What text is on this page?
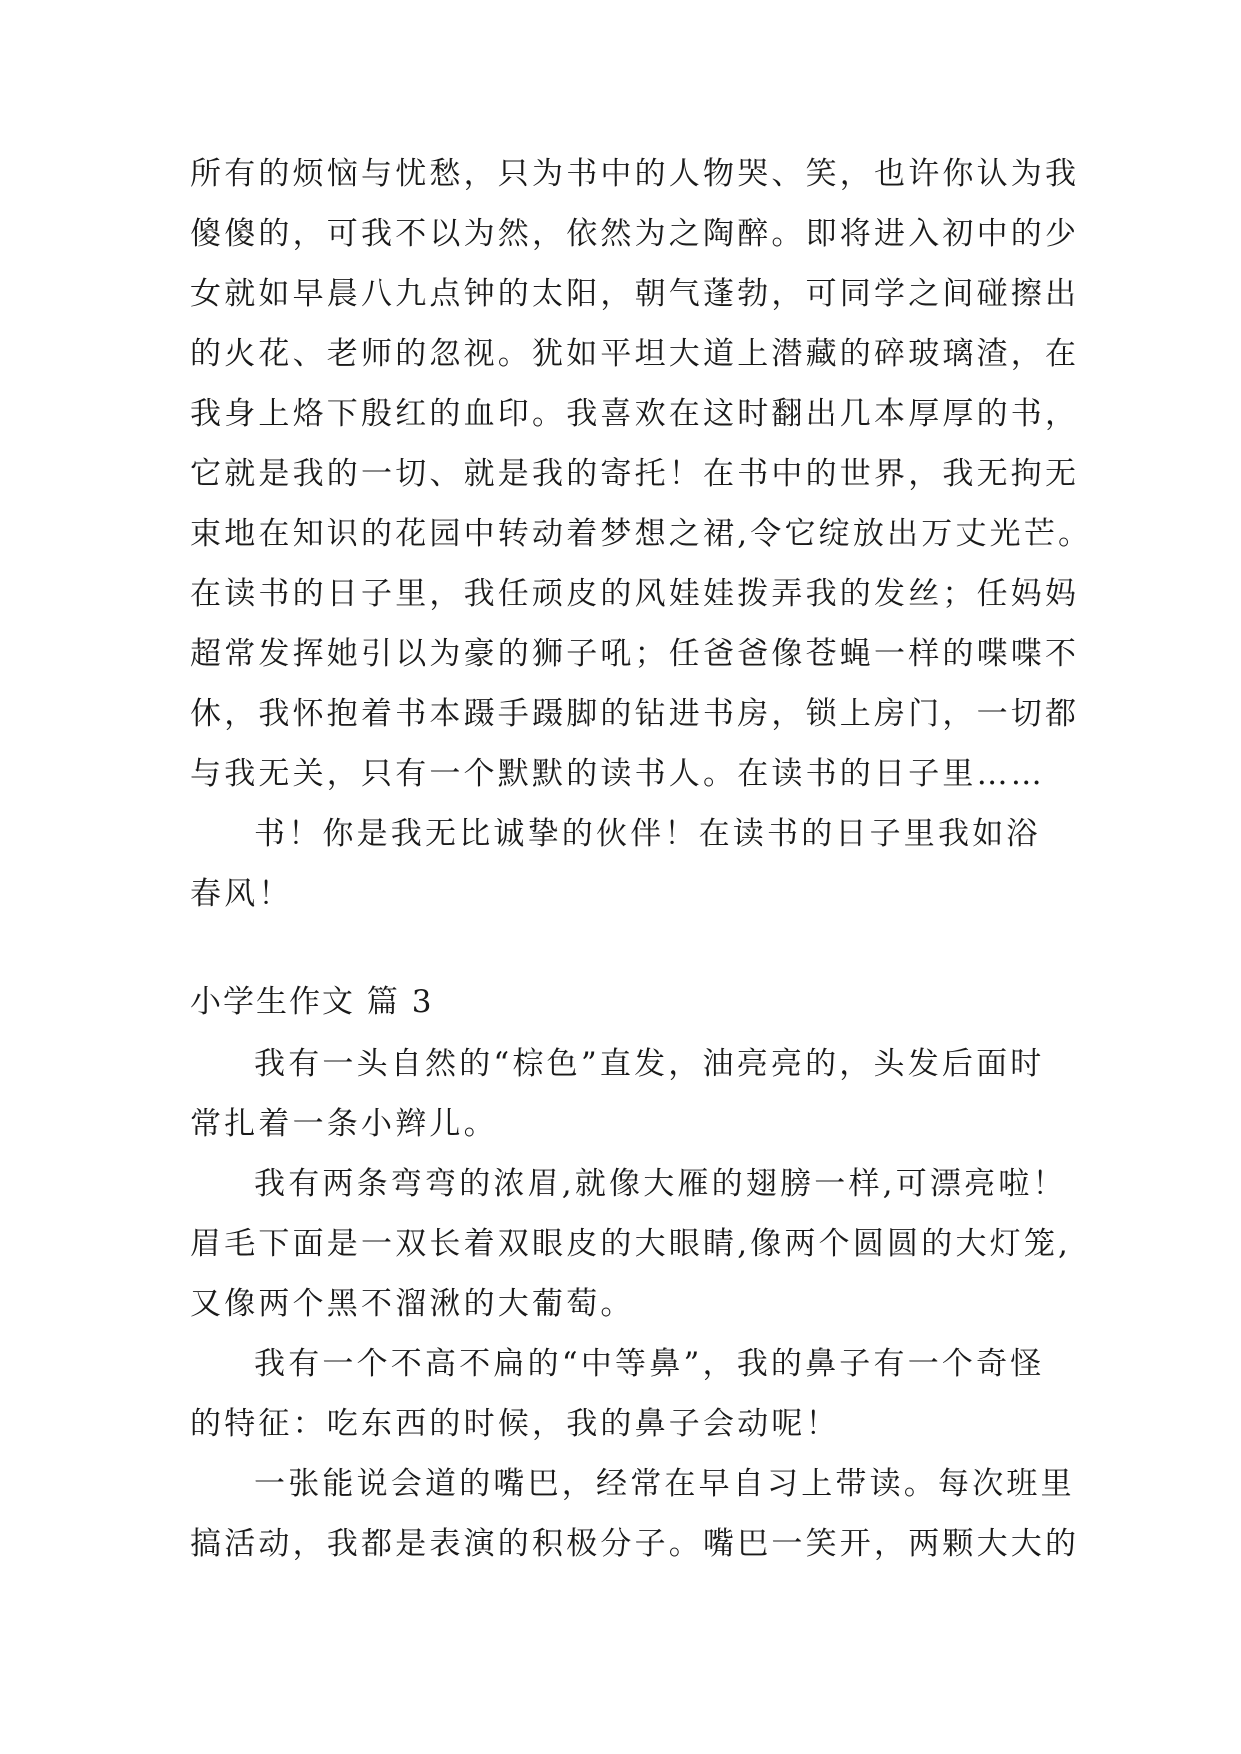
所有的烦恼与忧愁，只为书中的人物哭、笑，也许你认为我
傻傻的，可我不以为然，依然为之陶醉。即将进入初中的少
女就如早晨八九点钟的太阳，朝气蓬勃，可同学之间碰擦出
的火花、老师的忽视。犹如平坦大道上潜藏的碎玻璃渣，在
我身上烙下殷红的血印。我喜欢在这时翻出几本厚厚的书，
它就是我的一切、就是我的寄托！在书中的世界，我无拘无
束地在知识的花园中转动着梦想之裙,令它绽放出万丈光芒。
在读书的日子里，我任顽皮的风娃娃拨弄我的发丝；任妈妈
超常发挥她引以为豪的狮子吼；任爸爸像苍蝇一样的喋喋不
休，我怀抱着书本蹑手蹑脚的钻进书房，锁上房门，一切都
与我无关，只有一个默默的读书人。在读书的日子里……
书！你是我无比诚挚的伙伴！在读书的日子里我如浴
春风！
小学生作文 篇 3
我有一头自然的“棕色”直发，油亮亮的，头发后面时
常扎着一条小辫儿。
我有两条弯弯的浓眉,就像大雁的翅膀一样,可漂亮啦！
眉毛下面是一双长着双眼皮的大眼睛,像两个圆圆的大灯笼,
又像两个黑不溜湫的大葡萄。
我有一个不高不扁的“中等鼻”，我的鼻子有一个奇怪
的特征：吃东西的时候，我的鼻子会动呢！
一张能说会道的嘴巴，经常在早自习上带读。每次班里
搞活动，我都是表演的积极分子。嘴巴一笑开，两颗大大的
